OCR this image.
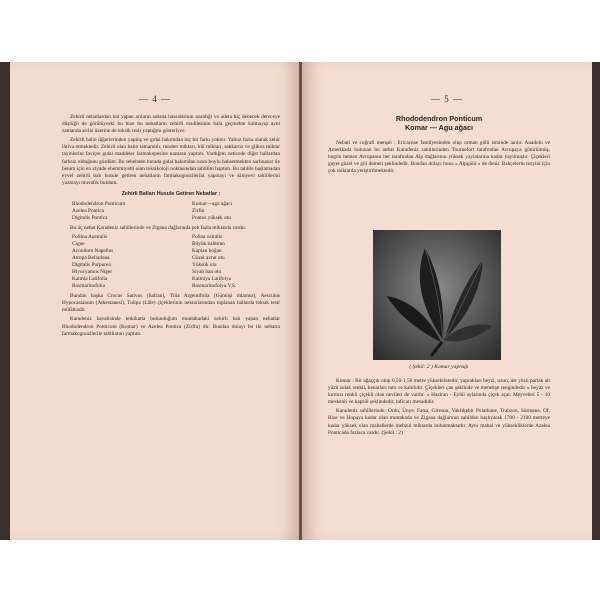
— 4 —

Zehirli nebatlardan bal yapan arıların sokma hassalarının azaldığı ve adeta hiç denecek dereceye düştüğü de görülüyorki bu bize bu nebatların zehirli maddesinin bala geçmekte kalmayıp ayni zamanda arılar üzerine de toksik tesir yaptığını gösteriyor.

Zehirli balın diğerlerinden yapılış ve gıdai bakımdan hiç bir farkı yoktur. Yalnız fazla olarak zehir ihtiva etmektedir. Zehirli olan balın tamamlılı, rutubet miktarı, kül miktarı, sakkaroz ve glikoz miktar tayinlerini faviçre gıdai maddeler farmakopesine nazaran yaptım. Vardığım neticede diğer ballardan farksız olduğunu gördüm. Bu sebebden burada gıdai bakımdan uzun boylu bahsetmekten sarfınazar ile benim için en ziyade ehemmiyetli olan toksikoloji noktasından tahlilini baptım. Bu tahlile başlamadan evvel zehirli balı husule getiren nebatların farmakognozilerini yapmayı ve kimyevi tahlillerini yazmayı muvafık buldum.

Zehirli Balları Husule Getiren Nebatlar :

Rhododendron Ponticum	Komar—agu ağacı
Azelea Pontica	Zirfin
Digitalis Pontica	Pontos yüksek otu

Bu üç nebat Karadeniz sahillerinde ve Zigana dağlarında pek fazla miktarda vardır.

Pollina Australis	Polina ostralis
Cigue	Büyük baldıran
Aconitum Napellus	Kaplan boğan
Atropa Belladona	Güzel avrat otu
Digitalis Purpurea	Yüksük otu
Hiyocyamus Niger	Siyah ban otu
Kalmia Latifolia	Kalmiya Latifolya
Rosmarinofolia	Rosmarinofolya.V.S.

Bundan başka Crocus Sativus (Safran), Tilia Argentifolia (Gümüşi ıhlamur), Aesculus Hypocastanum (Atkestanesi), Tulipa (Lâle) çiçeklerinin nektarlarından toplanan ballarda toksik tesir mülâhizdir.

Karadeniz havalisinde tetkikatta bulunduğum muntakadaki zehirli balı yapan nebatlar Rhododendron Ponticum (Komar) ve Azelea Pontica (Zirfin) dir. Bundan dolayı bu iki nebatın farmakognozilerile tahlilatını yaptım.

— 5 —

Rhododendron Ponticum

Komar — Agu ağacı

Nebati ve coğrafi menşei : Ericaceae familyesinden olup orman gülü isminde anılır. Anadolu ve Amerikada bulunan bu nebat Karadeniz sahillerinden Tournefort tarafından Avrupaya götürülmüş, bugün hemen Avrupanın her tarafından Alp dağlarının yüksek yaylalarına kadar yayılmıştır. Çiçekleri gayet güzel ve gül demeti şeklindedir. Bundan dolayı buna « Alpgülü » de denir. Bahçelerin tezyini için çok miktarda yetiştirilmektedir.

( Şekil: 2 ) Komar yaprağı

Komar : Bir ağaççık olup 0,50-1,50 metre yüksekliktedir, yaprakları beyzi, uzun, üst yüzü parlak alt yüzü solak renkli, kenarları tam ve kalıtlıdır. Çiçekleri çan şeklinde ve menekşe rengindedir « beyaz ve kırmızı renkli çiçekli olan nevileri de vardır. » Haziran - Eylül aylarında çiçek açar. Meyveleri 5 - 10 meskenli ve kapsül şeklindedir, inficarı mesadidir.

Karadeniz sahillerinde: Ordu, Ünye, Fatsa, Giresun, Vakfıkebir Polathane, Trabzon, Sürmene, Of, Rize ve Hopaya kadar olan mıntakada ve Zigana dağlarının sahilden başlıyarak 1700 - 2100 metreye kadar yüksek olan mahallerde mebzul miktarda bulunmaktadır. Aynı mahal ve yüksekliklerde Azelea Ponticada fazlaca vardır. (Şekil : 2)
